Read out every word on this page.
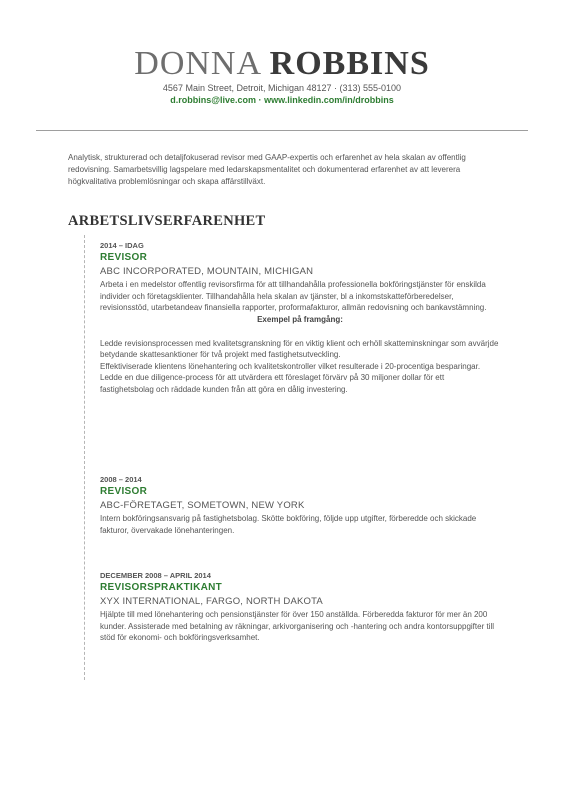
DONNA ROBBINS
4567 Main Street, Detroit, Michigan 48127 · (313) 555-0100
d.robbins@live.com · www.linkedin.com/in/drobbins
Analytisk, strukturerad och detaljfokuserad revisor med GAAP-expertis och erfarenhet av hela skalan av offentlig redovisning. Samarbetsvillig lagspelare med ledarskapsmentalitet och dokumenterad erfarenhet av att leverera högkvalitativa problemlösningar och skapa affärstillväxt.
ARBETSLIVSERFARENHET
2014 – IDAG
REVISOR
ABC INCORPORATED, MOUNTAIN, MICHIGAN
Arbeta i en medelstor offentlig revisorsfirma för att tillhandahålla professionella bokföringstjänster för enskilda individer och företagsklienter. Tillhandahålla hela skalan av tjänster, bl a inkomstskatteförberedelser, revisionsstöd, utarbetandeav finansiella rapporter, proformafakturor, allmän redovisning och bankavstämning.
Exempel på framgång:
Ledde revisionsprocessen med kvalitetsgranskning för en viktig klient och erhöll skatteminskningar som avvärjde betydande skattesanktioner för två projekt med fastighetsutveckling.
Effektiviserade klientens lönehantering och kvalitetskontroller vilket resulterade i 20-procentiga besparingar.
Ledde en due diligence-process för att utvärdera ett föreslaget förvärv på 30 miljoner dollar för ett fastighetsbolag och räddade kunden från att göra en dålig investering.
2008 – 2014
REVISOR
ABC-FÖRETAGET, SOMETOWN, NEW YORK
Intern bokföringsansvarig på fastighetsbolag. Skötte bokföring, följde upp utgifter, förberedde och skickade fakturor, övervakade lönehanteringen.
DECEMBER 2008 – APRIL 2014
REVISORSPRAKTIKANT
XYX INTERNATIONAL, FARGO, NORTH DAKOTA
Hjälpte till med lönehantering och pensionstjänster för över 150 anställda. Förberedda fakturor för mer än 200 kunder. Assisterade med betalning av räkningar, arkivorganisering och -hantering och andra kontorsuppgifter till stöd för ekonomi- och bokföringsverksamhet.
